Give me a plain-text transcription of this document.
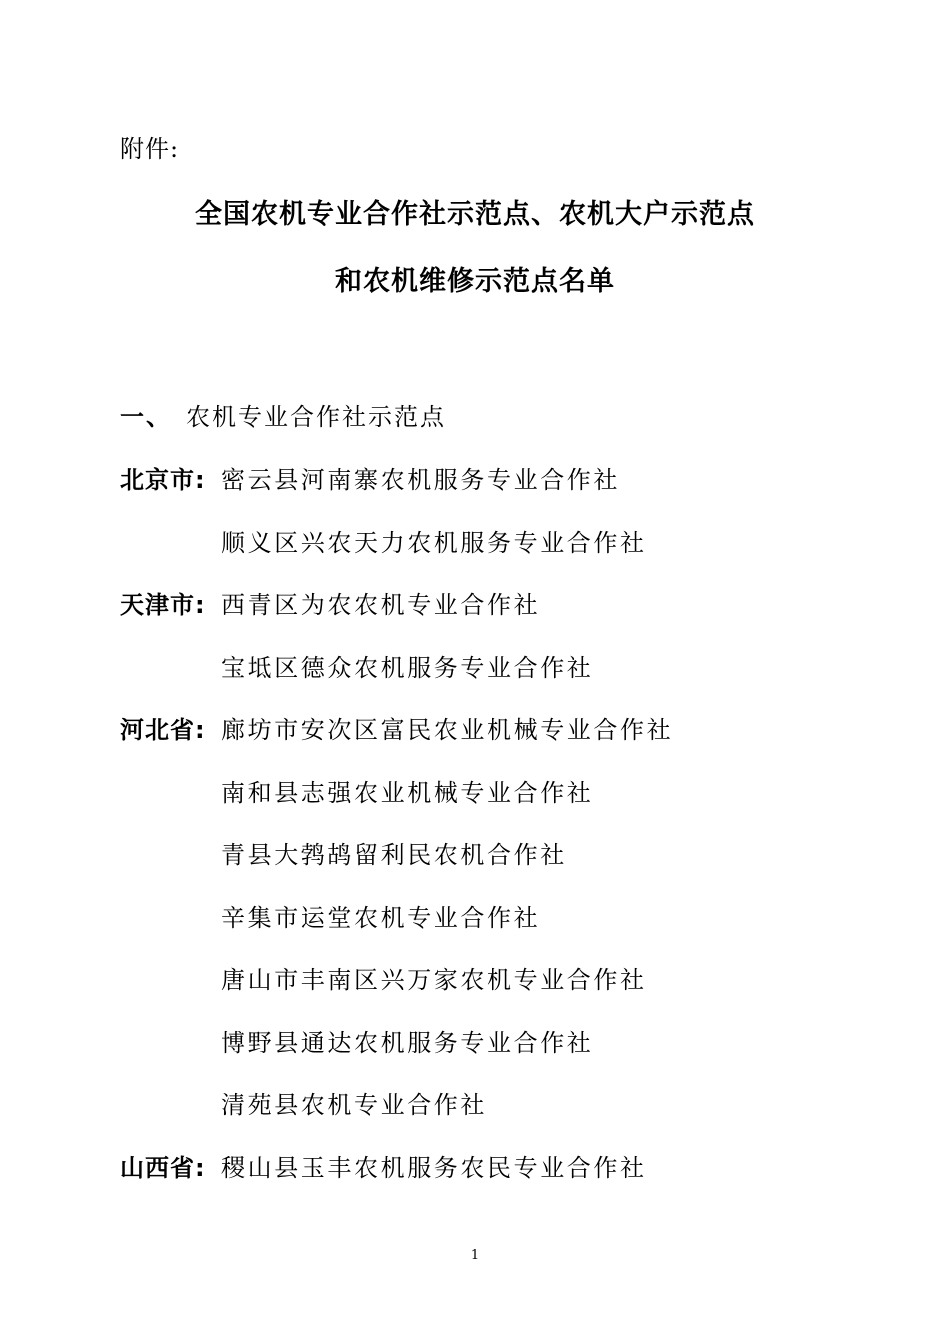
附件:
全国农机专业合作社示范点、农机大户示范点
和农机维修示范点名单
一、 农机专业合作社示范点
北京市: 密云县河南寨农机服务专业合作社
顺义区兴农天力农机服务专业合作社
天津市: 西青区为农农机专业合作社
宝坻区德众农机服务专业合作社
河北省: 廊坊市安次区富民农业机械专业合作社
南和县志强农业机械专业合作社
青县大鹁鸪留利民农机合作社
辛集市运堂农机专业合作社
唐山市丰南区兴万家农机专业合作社
博野县通达农机服务专业合作社
清苑县农机专业合作社
山西省: 稷山县玉丰农机服务农民专业合作社
1
